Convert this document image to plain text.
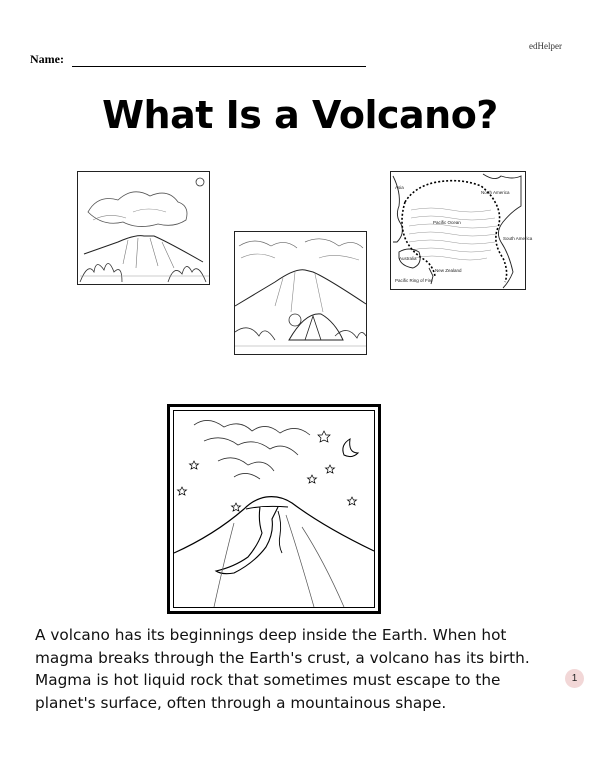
edHelper
Name:
What Is a Volcano?
Asia
North America
Pacific Ocean
South America
Australia
New Zealand
Pacific Ring of Fire
A volcano has its beginnings deep inside the Earth. When hot
magma breaks through the Earth's crust, a volcano has its birth.
Magma is hot liquid rock that sometimes must escape to the
planet's surface, often through a mountainous shape.
1
